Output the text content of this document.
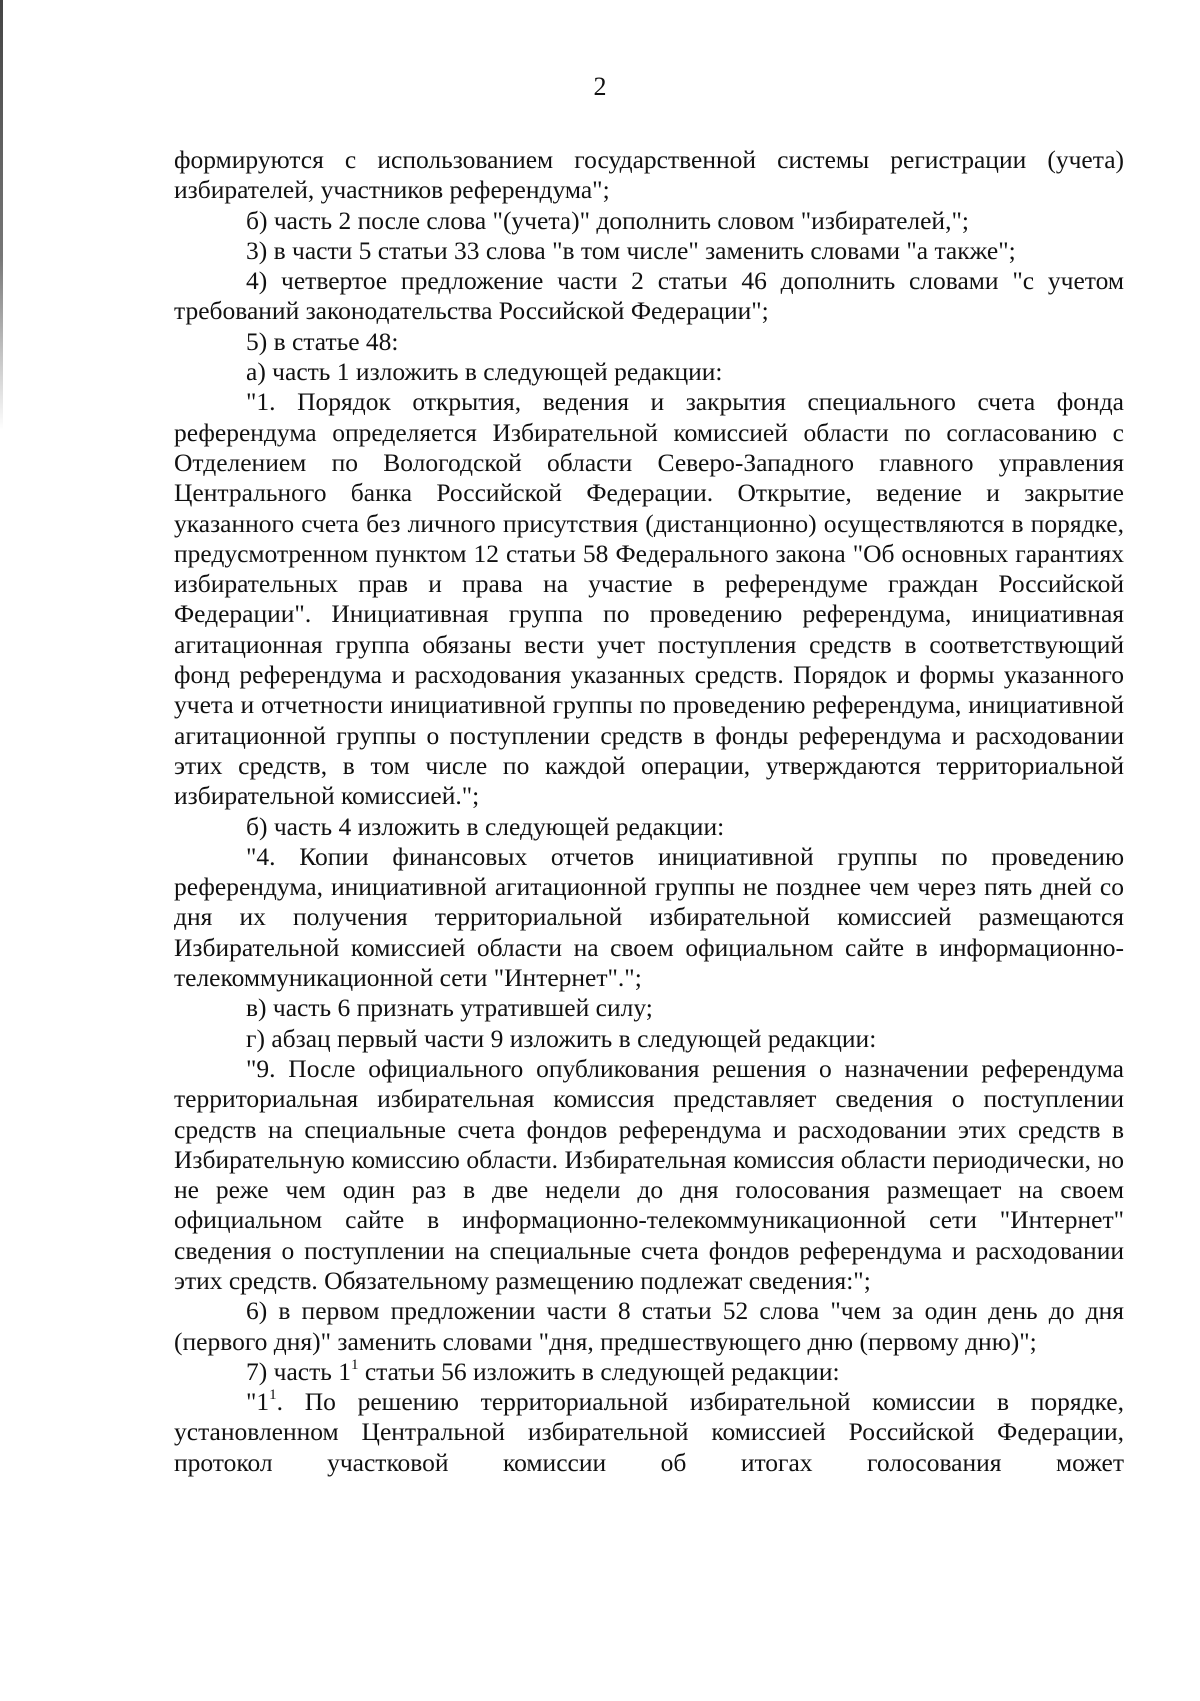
2

формируются с использованием государственной системы регистрации (учета) избирателей, участников референдума";

б) часть 2 после слова "(учета)" дополнить словом "избирателей,";

3) в части 5 статьи 33 слова "в том числе" заменить словами "а также";

4) четвертое предложение части 2 статьи 46 дополнить словами "с учетом требований законодательства Российской Федерации";

5) в статье 48:

а) часть 1 изложить в следующей редакции:

"1. Порядок открытия, ведения и закрытия специального счета фонда референдума определяется Избирательной комиссией области по согласованию с Отделением по Вологодской области Северо-Западного главного управления Центрального банка Российской Федерации. Открытие, ведение и закрытие указанного счета без личного присутствия (дистанционно) осуществляются в порядке, предусмотренном пунктом 12 статьи 58 Федерального закона "Об основных гарантиях избирательных прав и права на участие в референдуме граждан Российской Федерации". Инициативная группа по проведению референдума, инициативная агитационная группа обязаны вести учет поступления средств в соответствующий фонд референдума и расходования указанных средств. Порядок и формы указанного учета и отчетности инициативной группы по проведению референдума, инициативной агитационной группы о поступлении средств в фонды референдума и расходовании этих средств, в том числе по каждой операции, утверждаются территориальной избирательной комиссией.";

б) часть 4 изложить в следующей редакции:

"4. Копии финансовых отчетов инициативной группы по проведению референдума, инициативной агитационной группы не позднее чем через пять дней со дня их получения территориальной избирательной комиссией размещаются Избирательной комиссией области на своем официальном сайте в информационно-телекоммуникационной сети "Интернет".";

в) часть 6 признать утратившей силу;

г) абзац первый части 9 изложить в следующей редакции:

"9. После официального опубликования решения о назначении референдума территориальная избирательная комиссия представляет сведения о поступлении средств на специальные счета фондов референдума и расходовании этих средств в Избирательную комиссию области. Избирательная комиссия области периодически, но не реже чем один раз в две недели до дня голосования размещает на своем официальном сайте в информационно-телекоммуникационной сети "Интернет" сведения о поступлении на специальные счета фондов референдума и расходовании этих средств. Обязательному размещению подлежат сведения:";

6) в первом предложении части 8 статьи 52 слова "чем за один день до дня (первого дня)" заменить словами "дня, предшествующего дню (первому дню)";

7) часть $1^1$ статьи 56 изложить в следующей редакции:

"$1^1$. По решению территориальной избирательной комиссии в порядке, установленном Центральной избирательной комиссией Российской Федерации, протокол участковой комиссии об итогах голосования может
